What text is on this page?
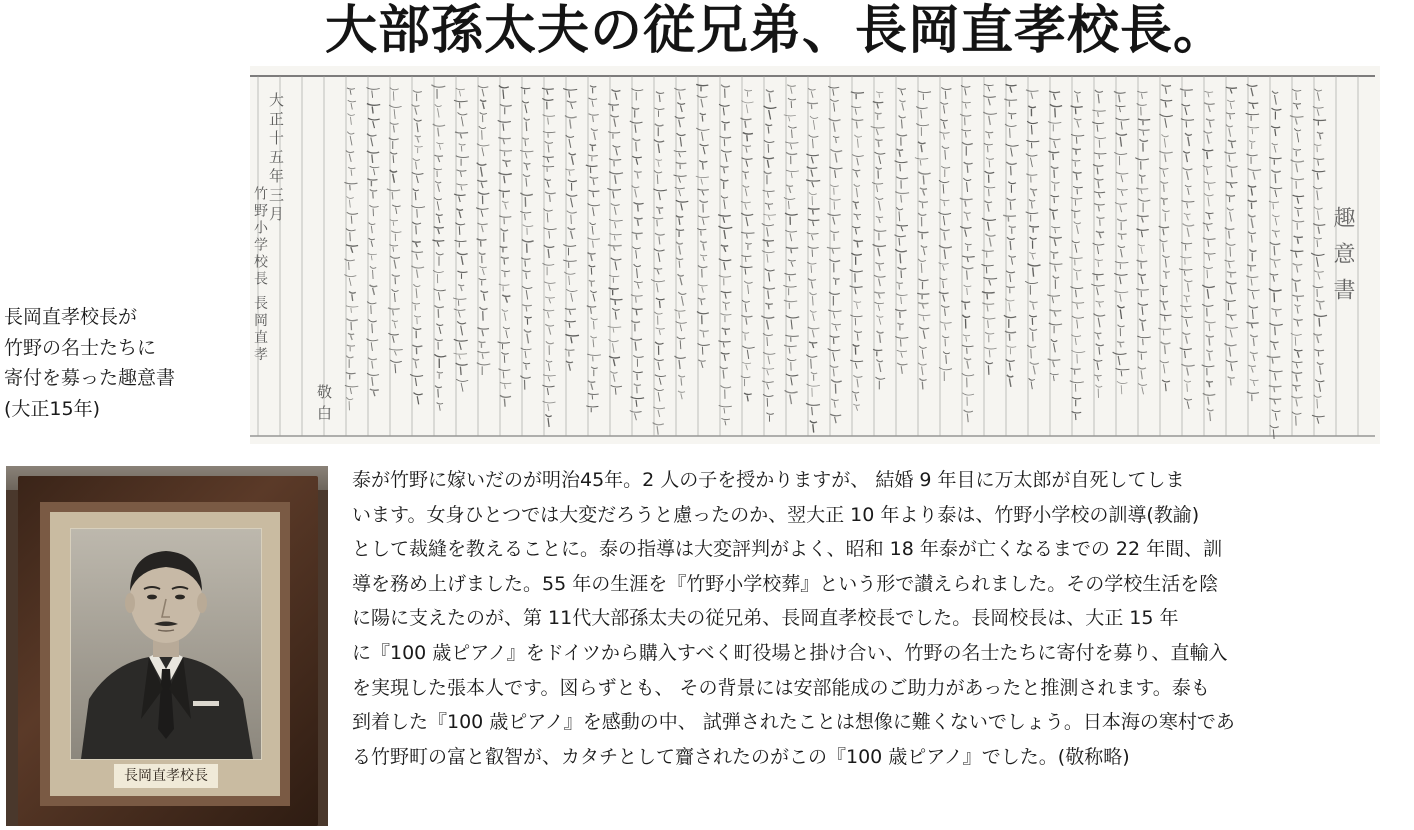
大部孫太夫の従兄弟、長岡直孝校長。
趣意書
大正十五年三月
竹野小学校長 長岡直孝
敬白
長岡直孝校長が
竹野の名士たちに
寄付を募った趣意書
(大正15年)
長岡直孝校長
泰が竹野に嫁いだのが明治45年。2 人の子を授かりますが、 結婚 9 年目に万太郎が自死してしま
います。女身ひとつでは大変だろうと慮ったのか、翌大正 10 年より泰は、竹野小学校の訓導(教諭)
として裁縫を教えることに。泰の指導は大変評判がよく、昭和 18 年泰が亡くなるまでの 22 年間、訓
導を務め上げました。55 年の生涯を『竹野小学校葬』という形で讃えられました。その学校生活を陰
に陽に支えたのが、第 11代大部孫太夫の従兄弟、長岡直孝校長でした。長岡校長は、大正 15 年
に『100 歳ピアノ』をドイツから購入すべく町役場と掛け合い、竹野の名士たちに寄付を募り、直輸入
を実現した張本人です。図らずとも、 その背景には安部能成のご助力があったと推測されます。泰も
到着した『100 歳ピアノ』を感動の中、 試弾されたことは想像に難くないでしょう。日本海の寒村であ
る竹野町の富と叡智が、カタチとして齎されたのがこの『100 歳ピアノ』でした。(敬称略)
